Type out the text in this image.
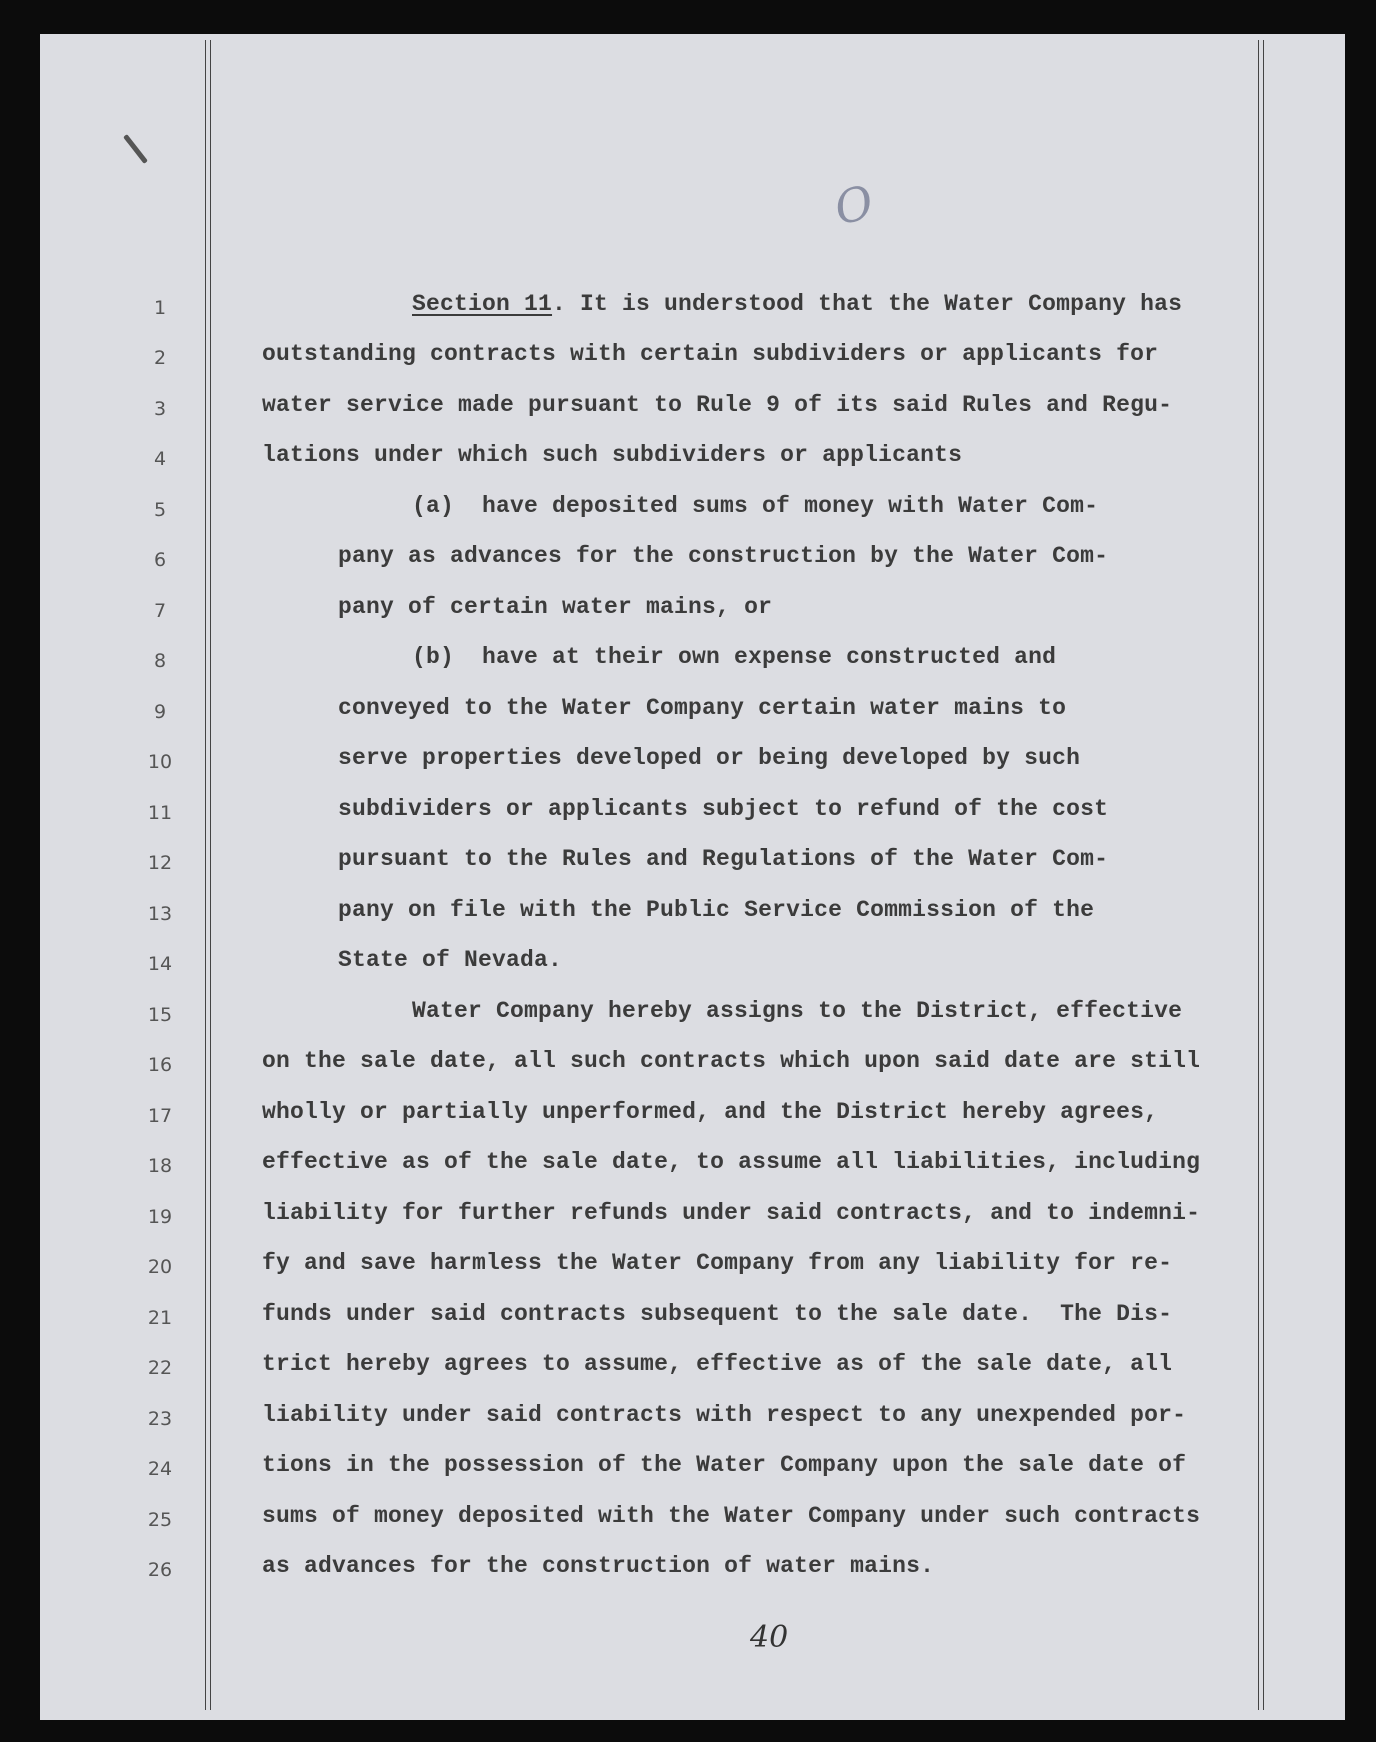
O
1
2
3
4
5
6
7
8
9
10
11
12
13
14
15
16
17
18
19
20
21
22
23
24
25
26
Section 11. It is understood that the Water Company has
outstanding contracts with certain subdividers or applicants for
water service made pursuant to Rule 9 of its said Rules and Regu-
lations under which such subdividers or applicants
(a)  have deposited sums of money with Water Com-
pany as advances for the construction by the Water Com-
pany of certain water mains, or
(b)  have at their own expense constructed and
conveyed to the Water Company certain water mains to
serve properties developed or being developed by such
subdividers or applicants subject to refund of the cost
pursuant to the Rules and Regulations of the Water Com-
pany on file with the Public Service Commission of the
State of Nevada.
Water Company hereby assigns to the District, effective
on the sale date, all such contracts which upon said date are still
wholly or partially unperformed, and the District hereby agrees,
effective as of the sale date, to assume all liabilities, including
liability for further refunds under said contracts, and to indemni-
fy and save harmless the Water Company from any liability for re-
funds under said contracts subsequent to the sale date.  The Dis-
trict hereby agrees to assume, effective as of the sale date, all
liability under said contracts with respect to any unexpended por-
tions in the possession of the Water Company upon the sale date of
sums of money deposited with the Water Company under such contracts
as advances for the construction of water mains.
40
